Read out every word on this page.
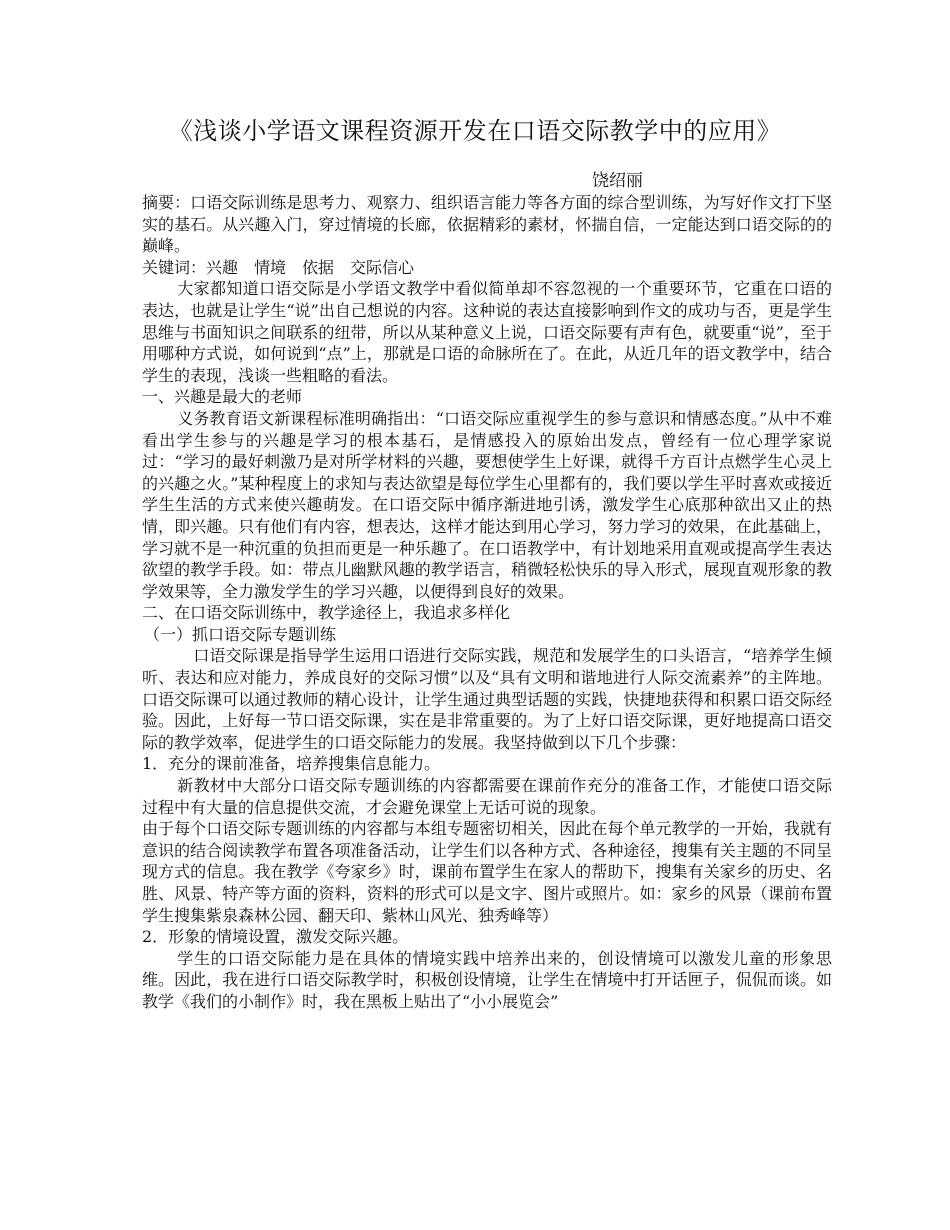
《浅谈小学语文课程资源开发在口语交际教学中的应用》
饶绍丽

摘要：口语交际训练是思考力、观察力、组织语言能力等各方面的综合型训练，为写好作文打下坚实的基石。从兴趣入门，穿过情境的长廊，依据精彩的素材，怀揣自信，一定能达到口语交际的的巅峰。

关键词：兴趣　情境　依据　交际信心

大家都知道口语交际是小学语文教学中看似简单却不容忽视的一个重要环节，它重在口语的表达，也就是让学生“说”出自己想说的内容。这种说的表达直接影响到作文的成功与否，更是学生思维与书面知识之间联系的纽带，所以从某种意义上说，口语交际要有声有色，就要重“说”，至于用哪种方式说，如何说到“点”上，那就是口语的命脉所在了。在此，从近几年的语文教学中，结合学生的表现，浅谈一些粗略的看法。

一、兴趣是最大的老师

义务教育语文新课程标准明确指出：“口语交际应重视学生的参与意识和情感态度。”从中不难看出学生参与的兴趣是学习的根本基石，是情感投入的原始出发点，曾经有一位心理学家说过：“学习的最好刺激乃是对所学材料的兴趣，要想使学生上好课，就得千方百计点燃学生心灵上的兴趣之火。”某种程度上的求知与表达欲望是每位学生心里都有的，我们要以学生平时喜欢或接近学生生活的方式来使兴趣萌发。在口语交际中循序渐进地引诱，激发学生心底那种欲出又止的热情，即兴趣。只有他们有内容，想表达，这样才能达到用心学习，努力学习的效果，在此基础上，学习就不是一种沉重的负担而更是一种乐趣了。在口语教学中，有计划地采用直观或提高学生表达欲望的教学手段。如：带点儿幽默风趣的教学语言，稍微轻松快乐的导入形式，展现直观形象的教学效果等，全力激发学生的学习兴趣，以便得到良好的效果。

二、在口语交际训练中，教学途径上，我追求多样化

（一）抓口语交际专题训练

　口语交际课是指导学生运用口语进行交际实践，规范和发展学生的口头语言，“培养学生倾听、表达和应对能力，养成良好的交际习惯”以及“具有文明和谐地进行人际交流素养”的主阵地。口语交际课可以通过教师的精心设计，让学生通过典型话题的实践，快捷地获得和积累口语交际经验。因此，上好每一节口语交际课，实在是非常重要的。为了上好口语交际课，更好地提高口语交际的教学效率，促进学生的口语交际能力的发展。我坚持做到以下几个步骤：

1．充分的课前准备，培养搜集信息能力。

新教材中大部分口语交际专题训练的内容都需要在课前作充分的准备工作，才能使口语交际过程中有大量的信息提供交流，才会避免课堂上无话可说的现象。

由于每个口语交际专题训练的内容都与本组专题密切相关，因此在每个单元教学的一开始，我就有意识的结合阅读教学布置各项准备活动，让学生们以各种方式、各种途径，搜集有关主题的不同呈现方式的信息。我在教学《夸家乡》时，课前布置学生在家人的帮助下，搜集有关家乡的历史、名胜、风景、特产等方面的资料，资料的形式可以是文字、图片或照片。如：家乡的风景（课前布置学生搜集紫泉森林公园、翻天印、紫林山风光、独秀峰等）

2．形象的情境设置，激发交际兴趣。

学生的口语交际能力是在具体的情境实践中培养出来的，创设情境可以激发儿童的形象思维。因此，我在进行口语交际教学时，积极创设情境，让学生在情境中打开话匣子，侃侃而谈。如教学《我们的小制作》时，我在黑板上贴出了“小小展览会”
